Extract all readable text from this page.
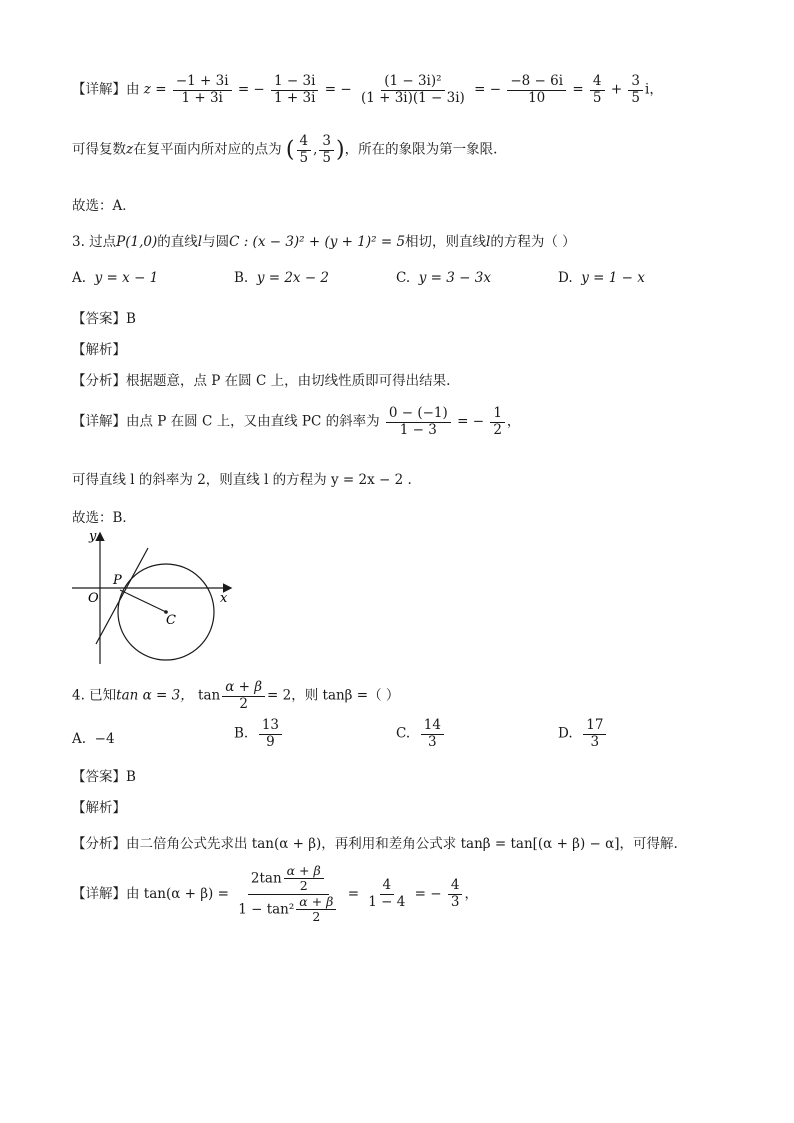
【详解】由 $z = \frac{-1 + 3i}{1 + 3i}$ = − $\frac{1 - 3i}{1 + 3i}$ = − $\frac{\text{(1 − 3i)²}}{(1 + 3i)(1 - 3i)}$ = − $\frac{-8 - 6i}{10} = \frac{4}{5} + \frac{3}{5}$ i，
可得复数z在复平面内所对应的点为 ( $\frac{4}{5}$ , $\frac{3}{5}$ )，所在的象限为第一象限.
故选：A．
3. 过点P(1,0)的直线l与圆C : (x − 3)² + (y + 1)² = 5相切，则直线l的方程为（ ）
A. y = x − 1	B. y = 2x − 2	C. y = 3 − 3x	D. y = 1 − x
【答案】B
【解析】
【分析】根据题意，点 P 在圆 C 上，由切线性质即可得出结果.
【详解】由点 P 在圆 C 上，又由直线 PC 的斜率为 $\frac{0 - (-1)}{1 - 3}$ = − $\frac{1}{2}$ ，
可得直线 l 的斜率为 2，则直线 l 的方程为 y = 2x − 2 .
故选：B．
y
x
O
P
C
4. 已知tan α = 3， $\tan \frac{\alpha + \beta}{2} = 2$，则 tanβ =（ ）
A. −4	B. $\frac{13}{9}$	C. $\frac{14}{3}$	D. $\frac{17}{3}$
【答案】B
【解析】
【分析】由二倍角公式先求出 tan(α + β)，再利用和差角公式求 tanβ = tan[(α + β) − α]，可得解.
【详解】由 $\tan(\alpha + \beta) = \frac{2\tan \frac{\alpha + \beta}{2}}{1 - \tan^2 \frac{\alpha + \beta}{2}} = \frac{4}{1 - 4}$ = − $\frac{4}{3}$ ，
